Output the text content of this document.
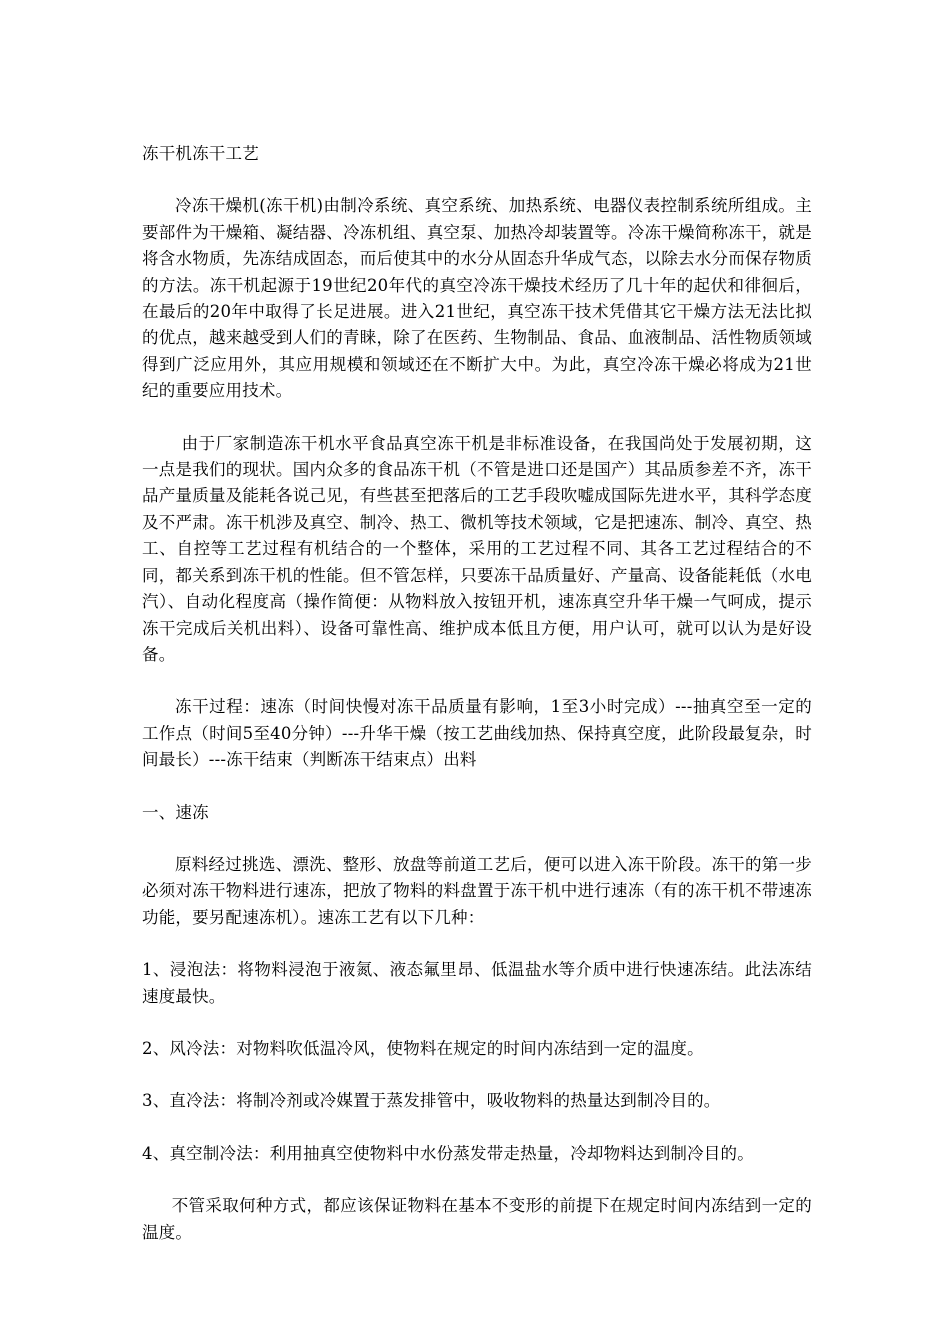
冻干机冻干工艺

冷冻干燥机(冻干机)由制冷系统、真空系统、加热系统、电器仪表控制系统所组成。主要部件为干燥箱、凝结器、冷冻机组、真空泵、加热冷却装置等。冷冻干燥简称冻干，就是将含水物质，先冻结成固态，而后使其中的水分从固态升华成气态，以除去水分而保存物质的方法。冻干机起源于19世纪20年代的真空冷冻干燥技术经历了几十年的起伏和徘徊后，在最后的20年中取得了长足进展。进入21世纪，真空冻干技术凭借其它干燥方法无法比拟的优点，越来越受到人们的青睐，除了在医药、生物制品、食品、血液制品、活性物质领域得到广泛应用外，其应用规模和领域还在不断扩大中。为此，真空冷冻干燥必将成为21世纪的重要应用技术。

由于厂家制造冻干机水平食品真空冻干机是非标准设备，在我国尚处于发展初期，这一点是我们的现状。国内众多的食品冻干机（不管是进口还是国产）其品质参差不齐，冻干品产量质量及能耗各说己见，有些甚至把落后的工艺手段吹嘘成国际先进水平，其科学态度及不严肃。冻干机涉及真空、制冷、热工、微机等技术领域，它是把速冻、制冷、真空、热工、自控等工艺过程有机结合的一个整体，采用的工艺过程不同、其各工艺过程结合的不同，都关系到冻干机的性能。但不管怎样，只要冻干品质量好、产量高、设备能耗低（水电汽）、自动化程度高（操作简便：从物料放入按钮开机，速冻真空升华干燥一气呵成，提示冻干完成后关机出料）、设备可靠性高、维护成本低且方便，用户认可，就可以认为是好设备。

冻干过程：速冻（时间快慢对冻干品质量有影响，1至3小时完成）---抽真空至一定的工作点（时间5至40分钟）---升华干燥（按工艺曲线加热、保持真空度，此阶段最复杂，时间最长）---冻干结束（判断冻干结束点）出料

一、速冻

原料经过挑选、漂洗、整形、放盘等前道工艺后，便可以进入冻干阶段。冻干的第一步必须对冻干物料进行速冻，把放了物料的料盘置于冻干机中进行速冻（有的冻干机不带速冻功能，要另配速冻机）。速冻工艺有以下几种：

1、浸泡法：将物料浸泡于液氮、液态氟里昂、低温盐水等介质中进行快速冻结。此法冻结速度最快。

2、风冷法：对物料吹低温冷风，使物料在规定的时间内冻结到一定的温度。

3、直冷法：将制冷剂或冷媒置于蒸发排管中，吸收物料的热量达到制冷目的。

4、真空制冷法：利用抽真空使物料中水份蒸发带走热量，冷却物料达到制冷目的。

不管采取何种方式，都应该保证物料在基本不变形的前提下在规定时间内冻结到一定的温度。
